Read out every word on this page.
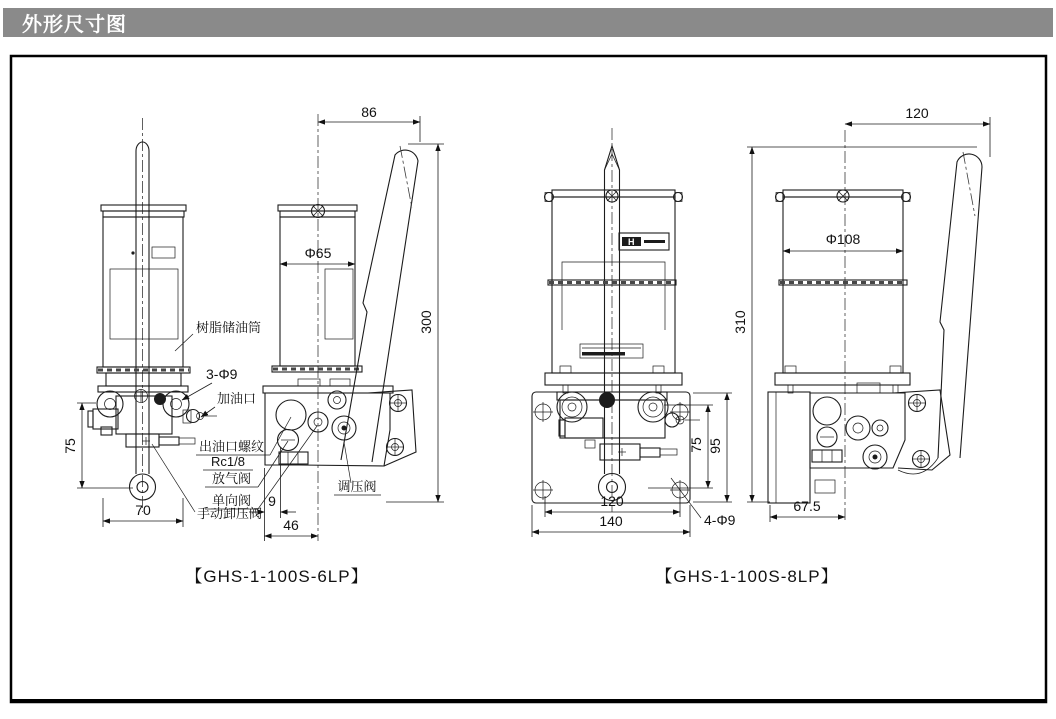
外形尺寸图
86
Φ65
300
75
70
9
46
3-Φ9
树脂储油筒
加油口
出油口螺纹
Rc1/8
放气阀
单向阀
手动卸压阀
调压阀
【GHS-1-100S-6LP】
H
120
Φ108
310
75 95
120
140	4-Φ9
67.5
【GHS-1-100S-8LP】
